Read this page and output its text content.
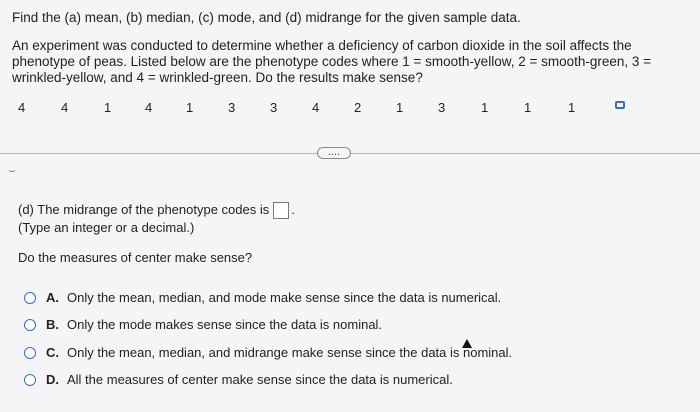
Find the (a) mean, (b) median, (c) mode, and (d) midrange for the given sample data.
An experiment was conducted to determine whether a deficiency of carbon dioxide in the soil affects the phenotype of peas. Listed below are the phenotype codes where 1 = smooth-yellow, 2 = smooth-green, 3 = wrinkled-yellow, and 4 = wrinkled-green. Do the results make sense?
4	4	1	4	1	3	3	4	2	1	3	1	1	1
....
⌣
(d) The midrange of the phenotype codes is .
(Type an integer or a decimal.)
Do the measures of center make sense?
A. Only the mean, median, and mode make sense since the data is numerical.
B. Only the mode makes sense since the data is nominal.
C. Only the mean, median, and midrange make sense since the data is nominal.
D. All the measures of center make sense since the data is numerical.
